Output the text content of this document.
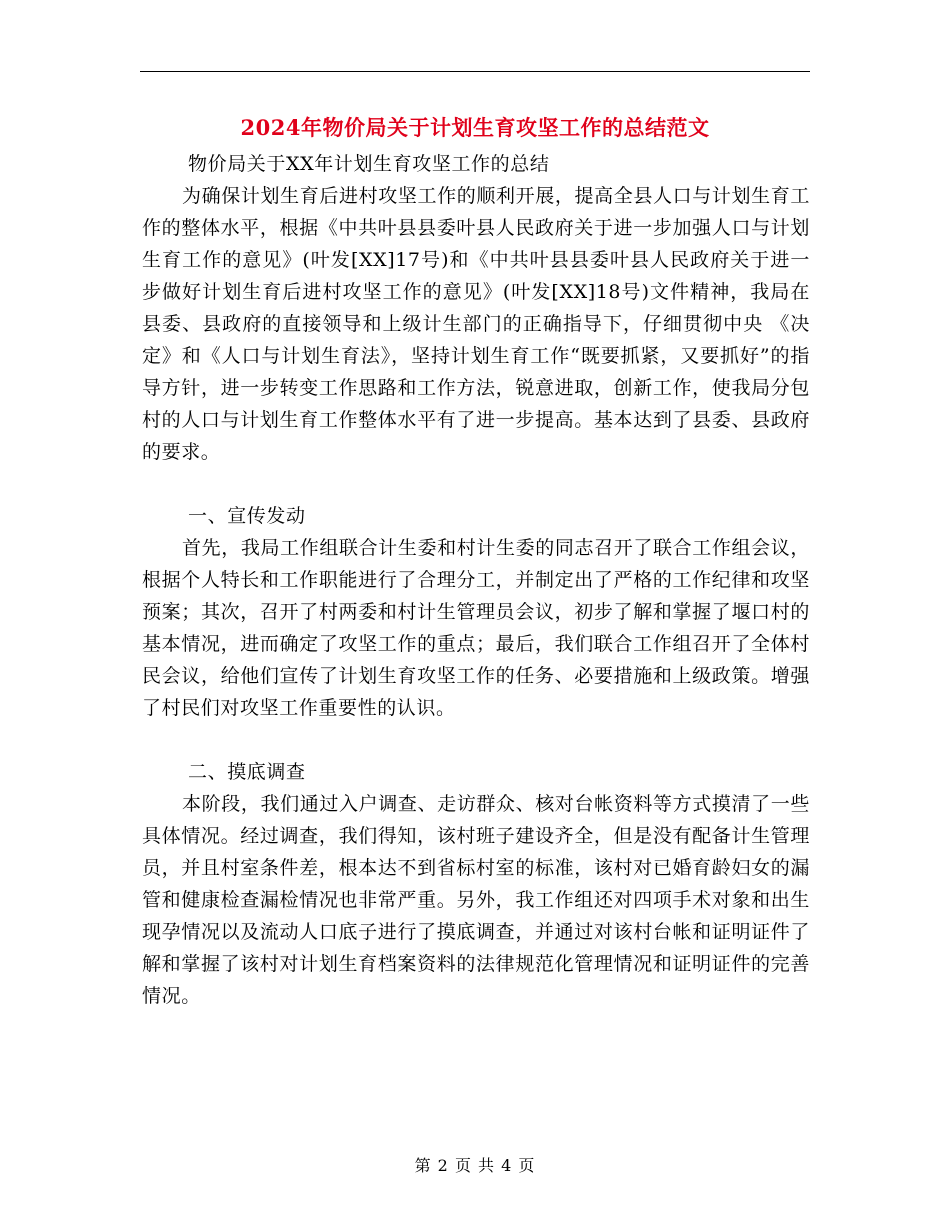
2024年物价局关于计划生育攻坚工作的总结范文

物价局关于XX年计划生育攻坚工作的总结

为确保计划生育后进村攻坚工作的顺利开展，提高全县人口与计划生育工作的整体水平，根据《中共叶县县委叶县人民政府关于进一步加强人口与计划生育工作的意见》(叶发[XX]17号)和《中共叶县县委叶县人民政府关于进一步做好计划生育后进村攻坚工作的意见》(叶发[XX]18号)文件精神，我局在县委、县政府的直接领导和上级计生部门的正确指导下，仔细贯彻中央 《决定》和《人口与计划生育法》，坚持计划生育工作“既要抓紧，又要抓好”的指导方针，进一步转变工作思路和工作方法，锐意进取，创新工作，使我局分包村的人口与计划生育工作整体水平有了进一步提高。基本达到了县委、县政府的要求。

一、宣传发动

首先，我局工作组联合计生委和村计生委的同志召开了联合工作组会议，根据个人特长和工作职能进行了合理分工，并制定出了严格的工作纪律和攻坚预案；其次，召开了村两委和村计生管理员会议，初步了解和掌握了堰口村的基本情况，进而确定了攻坚工作的重点；最后，我们联合工作组召开了全体村民会议，给他们宣传了计划生育攻坚工作的任务、必要措施和上级政策。增强了村民们对攻坚工作重要性的认识。

二、摸底调查

本阶段，我们通过入户调查、走访群众、核对台帐资料等方式摸清了一些具体情况。经过调查，我们得知，该村班子建设齐全，但是没有配备计生管理员，并且村室条件差，根本达不到省标村室的标准，该村对已婚育龄妇女的漏管和健康检查漏检情况也非常严重。另外，我工作组还对四项手术对象和出生现孕情况以及流动人口底子进行了摸底调查，并通过对该村台帐和证明证件了解和掌握了该村对计划生育档案资料的法律规范化管理情况和证明证件的完善情况。

第 2 页 共 4 页
